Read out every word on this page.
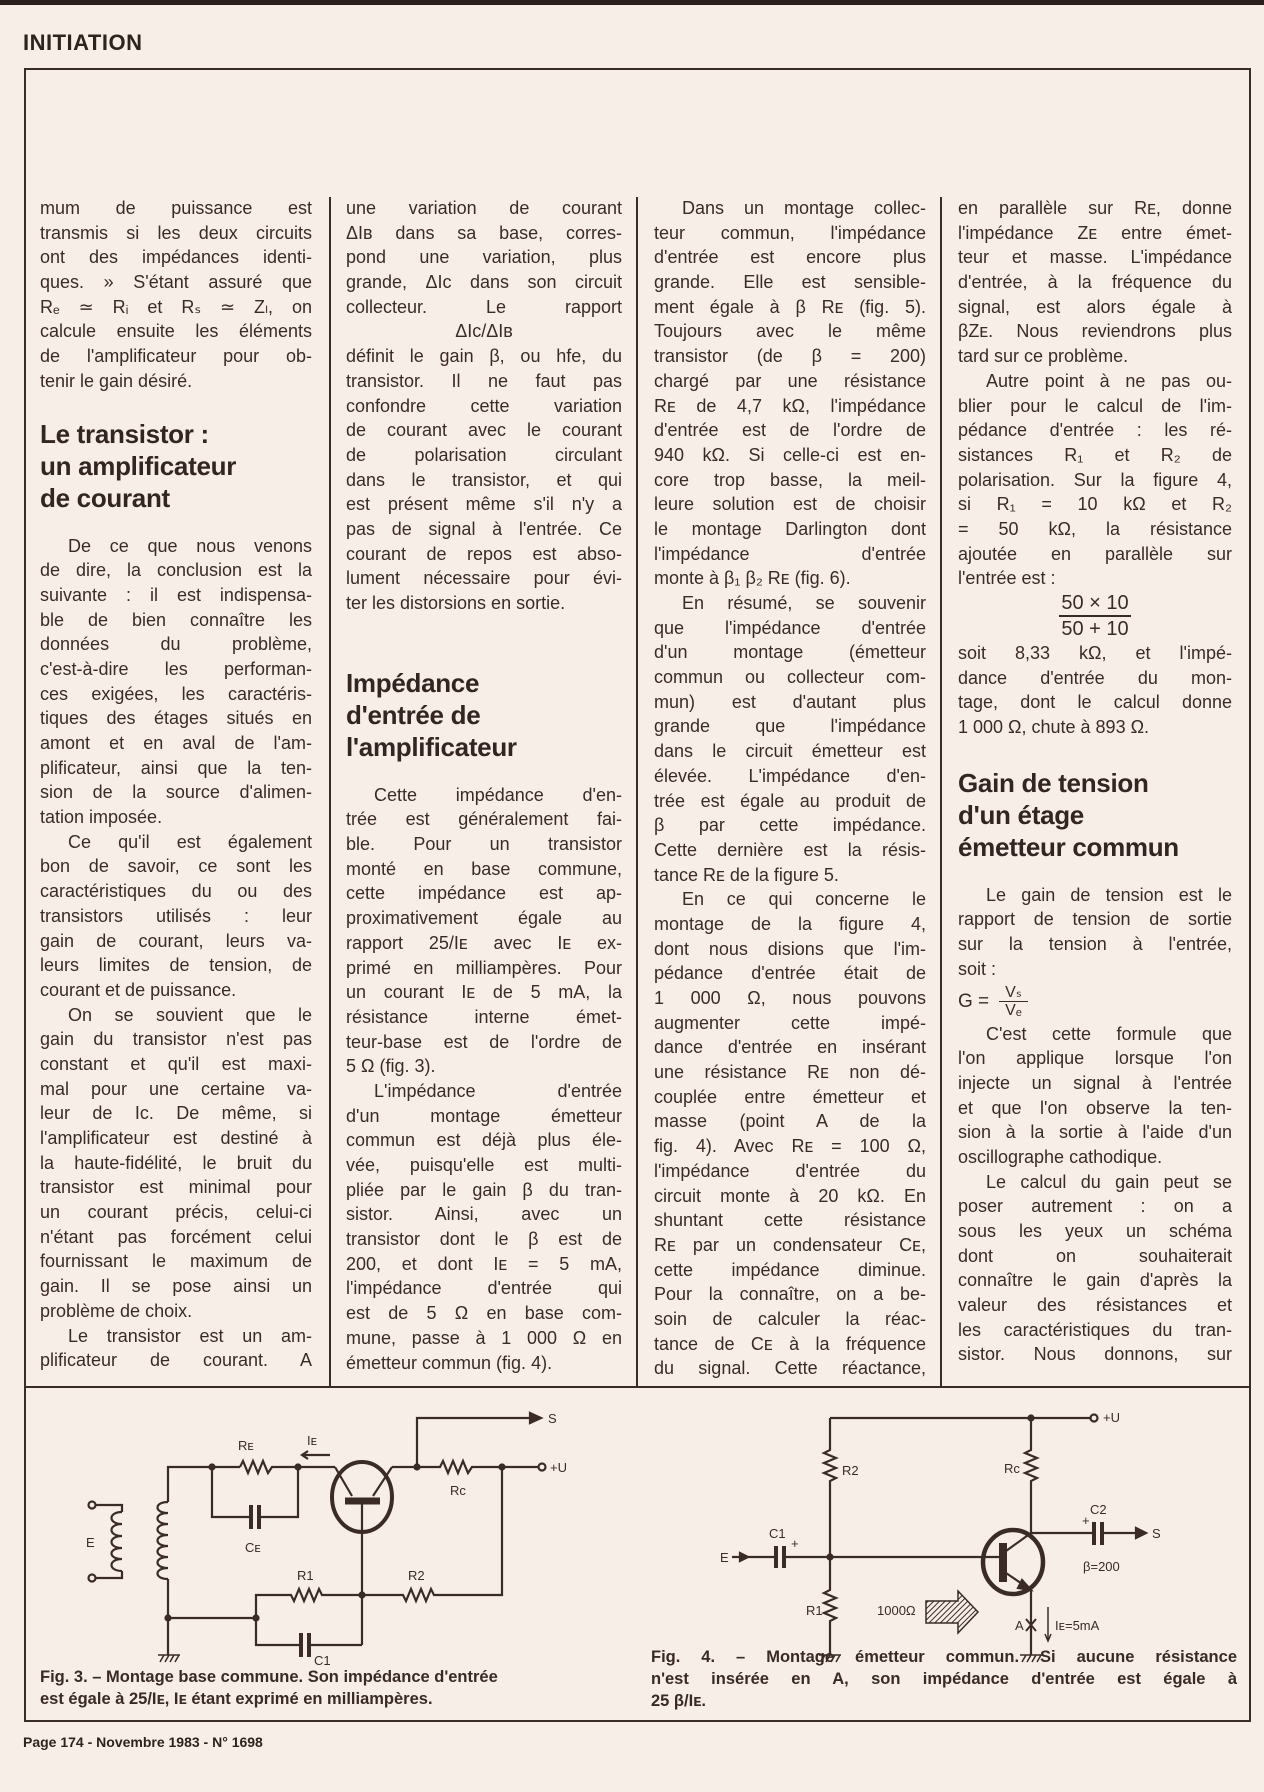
INITIATION
mum de puissance est
transmis si les deux circuits
ont des impédances identi-
ques. » S'étant assuré que
Rₑ ≃ Rᵢ et Rₛ ≃ Zₗ, on
calcule ensuite les éléments
de l'amplificateur pour ob-
tenir le gain désiré.
Le transistor :
un amplificateur
de courant
De ce que nous venons
de dire, la conclusion est la
suivante : il est indispensa-
ble de bien connaître les
données du problème,
c'est-à-dire les performan-
ces exigées, les caractéris-
tiques des étages situés en
amont et en aval de l'am-
plificateur, ainsi que la ten-
sion de la source d'alimen-
tation imposée.
Ce qu'il est également
bon de savoir, ce sont les
caractéristiques du ou des
transistors utilisés : leur
gain de courant, leurs va-
leurs limites de tension, de
courant et de puissance.
On se souvient que le
gain du transistor n'est pas
constant et qu'il est maxi-
mal pour une certaine va-
leur de Iᴄ. De même, si
l'amplificateur est destiné à
la haute-fidélité, le bruit du
transistor est minimal pour
un courant précis, celui-ci
n'étant pas forcément celui
fournissant le maximum de
gain. Il se pose ainsi un
problème de choix.
Le transistor est un am-
plificateur de courant. A
une variation de courant
ΔIʙ dans sa base, corres-
pond une variation, plus
grande, ΔIᴄ dans son circuit
collecteur. Le rapport
ΔIᴄ/ΔIʙ
définit le gain β, ou hfe, du
transistor. Il ne faut pas
confondre cette variation
de courant avec le courant
de polarisation circulant
dans le transistor, et qui
est présent même s'il n'y a
pas de signal à l'entrée. Ce
courant de repos est abso-
lument nécessaire pour évi-
ter les distorsions en sortie.
Impédance
d'entrée de
l'amplificateur
Cette impédance d'en-
trée est généralement fai-
ble. Pour un transistor
monté en base commune,
cette impédance est ap-
proximativement égale au
rapport 25/Iᴇ avec Iᴇ ex-
primé en milliampères. Pour
un courant Iᴇ de 5 mA, la
résistance interne émet-
teur-base est de l'ordre de
5 Ω (fig. 3).
L'impédance d'entrée
d'un montage émetteur
commun est déjà plus éle-
vée, puisqu'elle est multi-
pliée par le gain β du tran-
sistor. Ainsi, avec un
transistor dont le β est de
200, et dont Iᴇ = 5 mA,
l'impédance d'entrée qui
est de 5 Ω en base com-
mune, passe à 1 000 Ω en
émetteur commun (fig. 4).
Dans un montage collec-
teur commun, l'impédance
d'entrée est encore plus
grande. Elle est sensible-
ment égale à β Rᴇ (fig. 5).
Toujours avec le même
transistor (de β = 200)
chargé par une résistance
Rᴇ de 4,7 kΩ, l'impédance
d'entrée est de l'ordre de
940 kΩ. Si celle-ci est en-
core trop basse, la meil-
leure solution est de choisir
le montage Darlington dont
l'impédance d'entrée
monte à β₁ β₂ Rᴇ (fig. 6).
En résumé, se souvenir
que l'impédance d'entrée
d'un montage (émetteur
commun ou collecteur com-
mun) est d'autant plus
grande que l'impédance
dans le circuit émetteur est
élevée. L'impédance d'en-
trée est égale au produit de
β par cette impédance.
Cette dernière est la résis-
tance Rᴇ de la figure 5.
En ce qui concerne le
montage de la figure 4,
dont nous disions que l'im-
pédance d'entrée était de
1 000 Ω, nous pouvons
augmenter cette impé-
dance d'entrée en insérant
une résistance Rᴇ non dé-
couplée entre émetteur et
masse (point A de la
fig. 4). Avec Rᴇ = 100 Ω,
l'impédance d'entrée du
circuit monte à 20 kΩ. En
shuntant cette résistance
Rᴇ par un condensateur Cᴇ,
cette impédance diminue.
Pour la connaître, on a be-
soin de calculer la réac-
tance de Cᴇ à la fréquence
du signal. Cette réactance,
en parallèle sur Rᴇ, donne
l'impédance Zᴇ entre émet-
teur et masse. L'impédance
d'entrée, à la fréquence du
signal, est alors égale à
βZᴇ. Nous reviendrons plus
tard sur ce problème.
Autre point à ne pas ou-
blier pour le calcul de l'im-
pédance d'entrée : les ré-
sistances R₁ et R₂ de
polarisation. Sur la figure 4,
si R₁ = 10 kΩ et R₂
= 50 kΩ, la résistance
ajoutée en parallèle sur
l'entrée est :
50 × 10
50 + 10
soit 8,33 kΩ, et l'impé-
dance d'entrée du mon-
tage, dont le calcul donne
1 000 Ω, chute à 893 Ω.
Gain de tension
d'un étage
émetteur commun
Le gain de tension est le
rapport de tension de sortie
sur la tension à l'entrée,
soit :
$G = \frac{\text{Vₛ}}{\text{Vₑ}}$
C'est cette formule que
l'on applique lorsque l'on
injecte un signal à l'entrée
et que l'on observe la ten-
sion à la sortie à l'aide d'un
oscillographe cathodique.
Le calcul du gain peut se
poser autrement : on a
sous les yeux un schéma
dont on souhaiterait
connaître le gain d'après la
valeur des résistances et
les caractéristiques du tran-
sistor. Nous donnons, sur
Rᴇ	Iᴇ
S
+U
Rc
E	Cᴇ
R1	R2
C1
+U
R2	Rc
C2
+
C1
+
E
S
β=200
R1	1000Ω
A Iᴇ=5mA
Fig. 3. – Montage base commune. Son impédance d'entrée
est égale à 25/Iᴇ, Iᴇ étant exprimé en milliampères.
Fig. 4. – Montage émetteur commun. Si aucune résistance
n'est insérée en A, son impédance d'entrée est égale à
25 β/Iᴇ.
Page 174 - Novembre 1983 - N° 1698
